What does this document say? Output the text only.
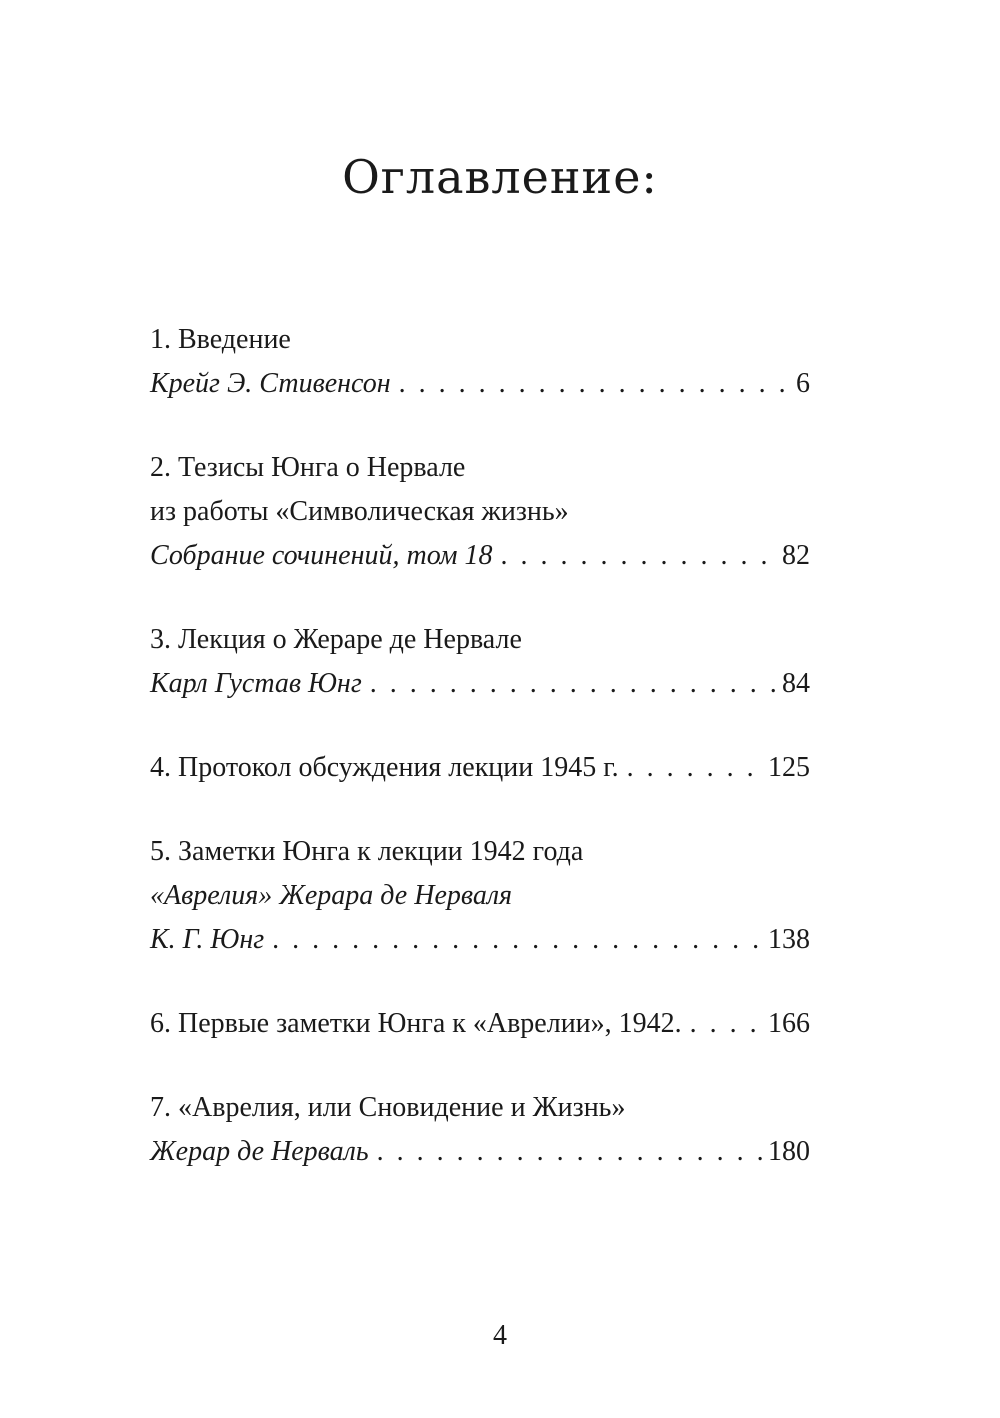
Оглавление:
1. Введение
Крейг Э. Стивенсон . . .	6
2. Тезисы Юнга о Нервале
из работы «Символическая жизнь»
Собрание сочинений, том 18 . . .	82
3. Лекция о Жераре де Нервале
Карл Густав Юнг . . .	84
4. Протокол обсуждения лекции 1945 г. . . .	125
5. Заметки Юнга к лекции 1942 года
«Аврелия» Жерара де Нерваля
К. Г. Юнг . . .	138
6. Первые заметки Юнга к «Аврелии», 1942. . . .	166
7. «Аврелия, или Сновидение и Жизнь»
Жерар де Нерваль . . .	180
4
